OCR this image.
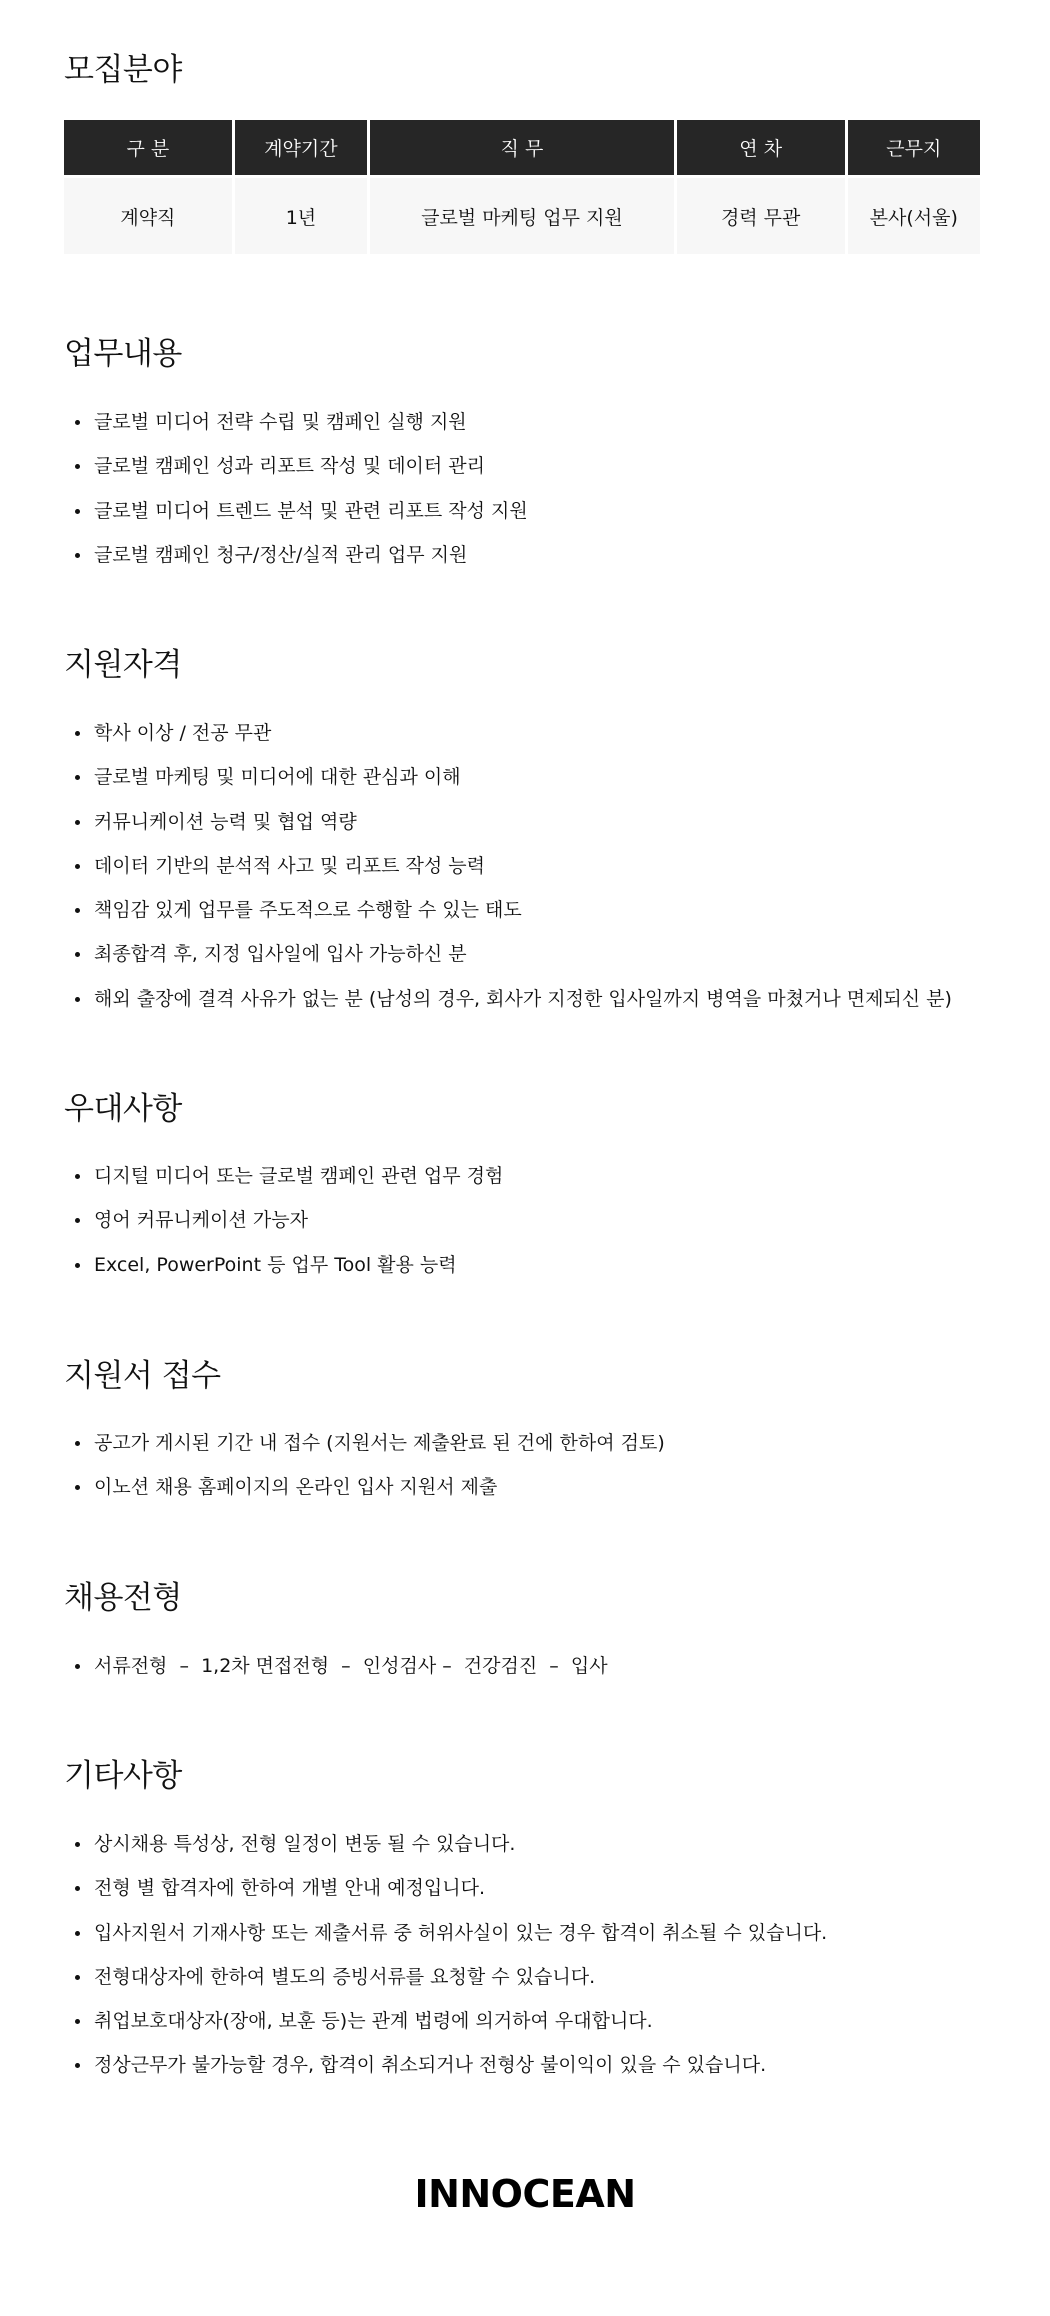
모집분야
구 분	계약기간	직 무	연 차	근무지
계약직	1년	글로벌 마케팅 업무 지원	경력 무관	본사(서울)
업무내용
글로벌 미디어 전략 수립 및 캠페인 실행 지원
글로벌 캠페인 성과 리포트 작성 및 데이터 관리
글로벌 미디어 트렌드 분석 및 관련 리포트 작성 지원
글로벌 캠페인 청구/정산/실적 관리 업무 지원
지원자격
학사 이상 / 전공 무관
글로벌 마케팅 및 미디어에 대한 관심과 이해
커뮤니케이션 능력 및 협업 역량
데이터 기반의 분석적 사고 및 리포트 작성 능력
책임감 있게 업무를 주도적으로 수행할 수 있는 태도
최종합격 후, 지정 입사일에 입사 가능하신 분
해외 출장에 결격 사유가 없는 분 (남성의 경우, 회사가 지정한 입사일까지 병역을 마쳤거나 면제되신 분)
우대사항
디지털 미디어 또는 글로벌 캠페인 관련 업무 경험
영어 커뮤니케이션 가능자
Excel, PowerPoint 등 업무 Tool 활용 능력
지원서 접수
공고가 게시된 기간 내 접수 (지원서는 제출완료 된 건에 한하여 검토)
이노션 채용 홈페이지의 온라인 입사 지원서 제출
채용전형
서류전형  –  1,2차 면접전형  –  인성검사 –  건강검진  –  입사
기타사항
상시채용 특성상, 전형 일정이 변동 될 수 있습니다.
전형 별 합격자에 한하여 개별 안내 예정입니다.
입사지원서 기재사항 또는 제출서류 중 허위사실이 있는 경우 합격이 취소될 수 있습니다.
전형대상자에 한하여 별도의 증빙서류를 요청할 수 있습니다.
취업보호대상자(장애, 보훈 등)는 관계 법령에 의거하여 우대합니다.
정상근무가 불가능할 경우, 합격이 취소되거나 전형상 불이익이 있을 수 있습니다.
INNOCEAN
